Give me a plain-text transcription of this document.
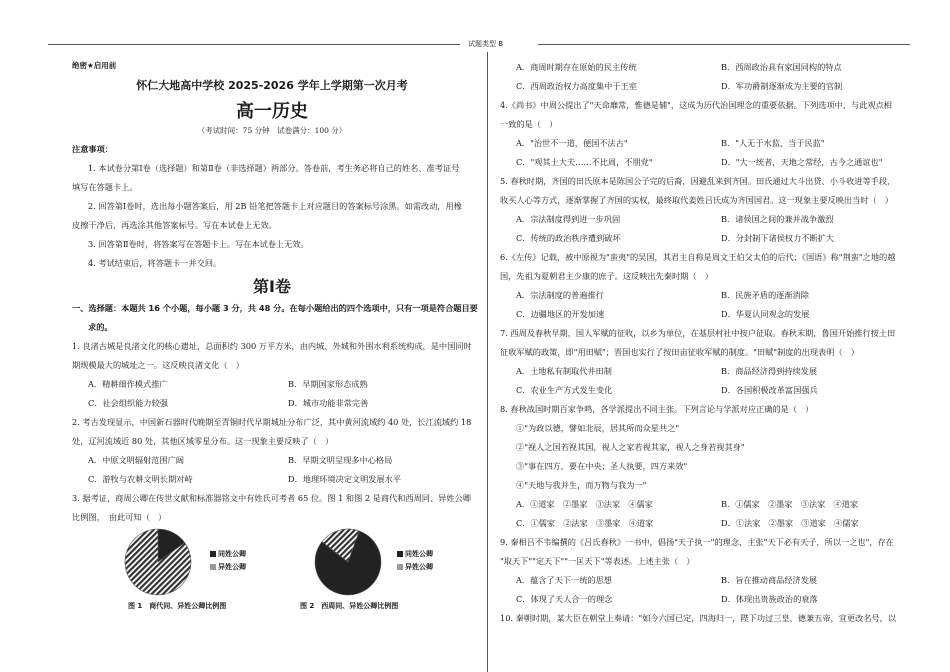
试题类型 B
绝密★启用前
怀仁大地高中学校 2025-2026 学年上学期第一次月考
高一历史
（考试时间：75 分钟　试卷满分：100 分）
注意事项：

1. 本试卷分第Ⅰ卷（选择题）和第Ⅱ卷（非选择题）两部分。答卷前，考生务必将自己的姓名、准考证号

填写在答题卡上。

2. 回答第Ⅰ卷时，选出每小题答案后，用 2B 铅笔把答题卡上对应题目的答案标号涂黑。如需改动，用橡

皮擦干净后，再选涂其他答案标号。写在本试卷上无效。

3. 回答第Ⅱ卷时，将答案写在答题卡上。写在本试卷上无效。

4. 考试结束后，将答题卡一并交回。

第Ⅰ卷

一、选择题：本题共 16 个小题，每小题 3 分，共 48 分。在每小题给出的四个选项中，只有一项是符合题目要

求的。

1. 良渚古城是良渚文化的核心遗址，总面积约 300 万平方米，由内城、外城和外围水利系统构成，是中国同时

期规模最大的城址之一。这反映良渚文化（　）

A．精耕细作模式推广	B．早期国家形态成熟
C．社会组织能力较强	D．城市功能非常完善

2. 考古发现显示，中国新石器时代晚期至青铜时代早期城址分布广泛，其中黄河流域约 40 处，长江流域约 18

处，辽河流域近 80 处，其他区域零星分布。这一现象主要反映了（　）

A．中原文明辐射范围广阔	B．早期文明呈现多中心格局
C．游牧与农耕文明长期对峙	D．地理环境决定文明发展水平

3. 据考证，商周公卿在传世文献和标准器铭文中有姓氏可考者 65 位。图 1 和图 2 是商代和西周同、异姓公卿

比例图，　由此可知（　）

同姓公卿
异姓公卿
图 1　商代同、异姓公卿比例图
同姓公卿
异姓公卿
图 2　西周同、异姓公卿比例图
A．商周时期存在原始的民主传统	B．西周政治具有家国同构的特点
C．西周政治权力高度集中于王室	D．军功爵制逐渐成为主要的官制

4.《尚书》中周公提出了"天命靡常，惟德是辅"，这成为历代治国理念的重要依据。下列选项中，与此观点相

一致的是（　）

A．"治世不一道，便国不法古"	B．"人无于水监，当于民监"
C．"观其土大夫……不比周，不朋党"	D．"大一统者，天地之常经，古今之通谊也"

5. 春秋时期，齐国的田氏原本是陈国公子完的后裔，因避乱来到齐国。田氏通过大斗出贷、小斗收进等手段，

收买人心等方式，逐渐掌握了齐国的实权，最终取代姜姓吕氏成为齐国国君。这一现象主要反映出当时（　）

A．宗法制度得到进一步巩固	B．诸侯国之间的兼并战争激烈
C．传统的政治秩序遭到破坏	D．分封制下诸侯权力不断扩大

6.《左传》记载，被中原视为"蛮夷"的吴国，其君主自称是周文王伯父太伯的后代；《国语》称"荆蛮"之地的越

国，先祖为夏朝君主少康的庶子。这反映出先秦时期（　）

A．宗法制度的普遍推行	B．民族矛盾的逐渐消除
C．边疆地区的开发加速	D．华夏认同观念的发展

7. 西周及春秋早期，国人军赋的征收，以乡为单位，在基层村社中按户征取。春秋末期，鲁国开始推行按土田

征收军赋的政策，即"用田赋"；晋国也实行了按田亩征收军赋的制度。"田赋"制度的出现表明（　）

A．土地私有制取代井田制	B．商品经济得到持续发展
C．农业生产方式发生变化	D．各国积极改革富国强兵

8. 春秋战国时期百家争鸣，各学派提出不同主张。下列言论与学派对应正确的是（　）

①"为政以德，譬如北辰，居其所而众星共之"

②"视人之国若视其国，视人之家若视其家，视人之身若视其身"

③"事在四方，要在中央；圣人执要，四方来效"

④"天地与我并生，而万物与我为一"

A．①道家　②墨家　③法家　④儒家	B．①儒家　②墨家　③法家　④道家
C．①儒家　②法家　③墨家　④道家	D．①法家　②墨家　③道家　④儒家

9. 秦相吕不韦编撰的《吕氏春秋》一书中，倡扬"天子执一"的理念，主张"天下必有天子，所以一之也"，存在

"取天下""定天下""一匡天下"等表述。上述主张（　）

A．蕴含了天下一统的思想	B．旨在推动商品经济发展
C．体现了天人合一的理念	D．体现出贵族政治的衰落

10. 秦朝时期，某大臣在朝堂上奏请："如今六国已定，四海归一，陛下功过三皇，德兼五帝，宜更改名号，以
